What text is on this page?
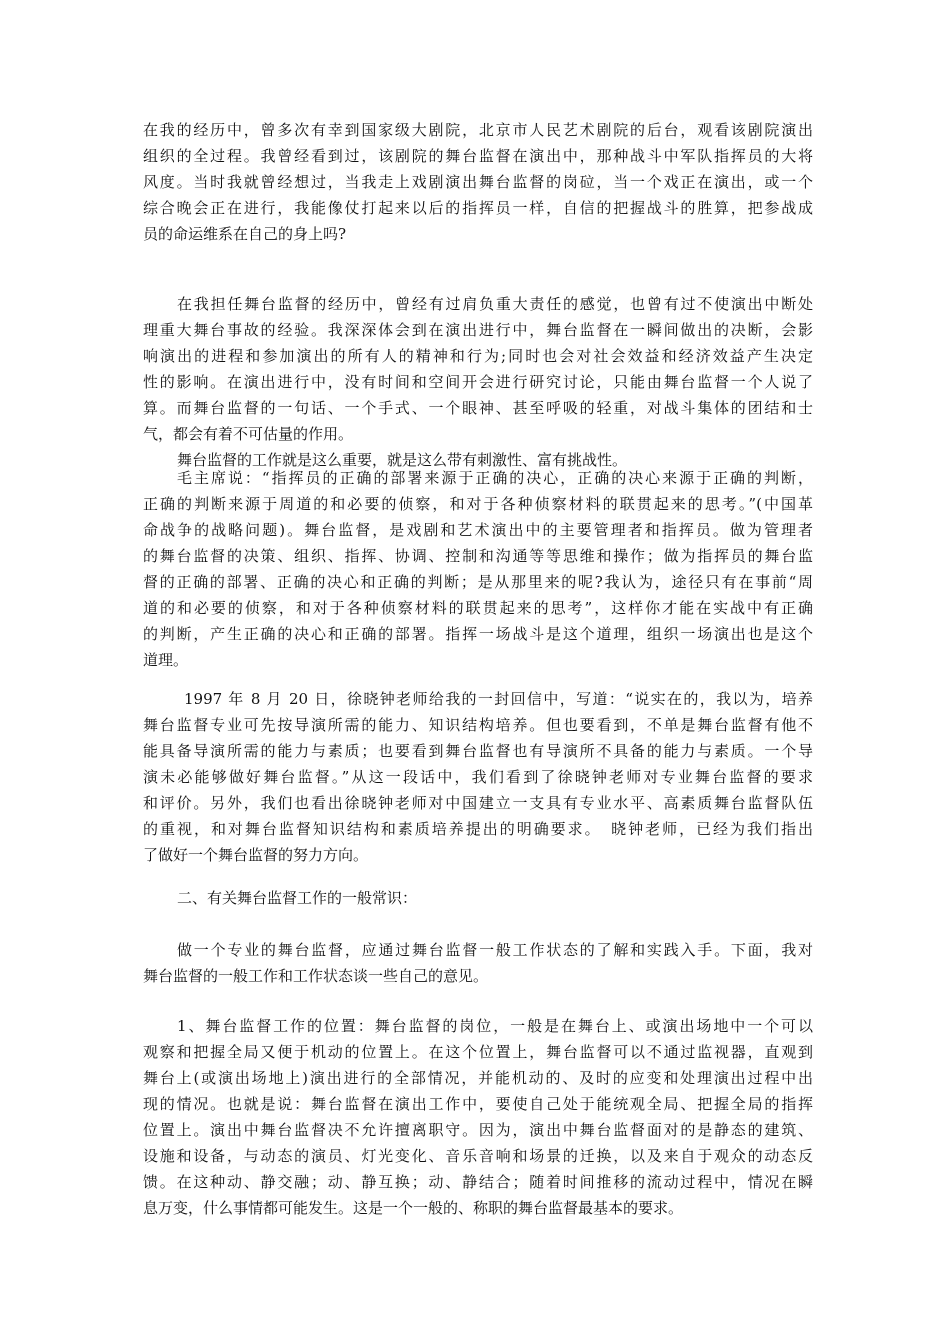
在我的经历中，曾多次有幸到国家级大剧院，北京市人民艺术剧院的后台，观看该剧院演出
组织的全过程。我曾经看到过，该剧院的舞台监督在演出中，那种战斗中军队指挥员的大将
风度。当时我就曾经想过，当我走上戏剧演出舞台监督的岗砬，当一个戏正在演出，或一个
综合晚会正在进行，我能像仗打起来以后的指挥员一样，自信的把握战斗的胜算，把参战成
员的命运维系在自己的身上吗?
在我担任舞台监督的经历中，曾经有过肩负重大责任的感觉，也曾有过不使演出中断处
理重大舞台事故的经验。我深深体会到在演出进行中，舞台监督在一瞬间做出的决断，会影
响演出的进程和参加演出的所有人的精神和行为;同时也会对社会效益和经济效益产生决定
性的影响。在演出进行中，没有时间和空间开会进行研究讨论，只能由舞台监督一个人说了
算。而舞台监督的一句话、一个手式、一个眼神、甚至呼吸的轻重，对战斗集体的团结和士
气，都会有着不可估量的作用。
舞台监督的工作就是这么重要，就是这么带有刺激性、富有挑战性。
毛主席说：“指挥员的正确的部署来源于正确的决心，正确的决心来源于正确的判断，
正确的判断来源于周道的和必要的侦察，和对于各种侦察材料的联贯起来的思考。”(中国革
命战争的战略问题)。舞台监督，是戏剧和艺术演出中的主要管理者和指挥员。做为管理者
的舞台监督的决策、组织、指挥、协调、控制和沟通等等思维和操作；做为指挥员的舞台监
督的正确的部署、正确的决心和正确的判断；是从那里来的呢?我认为，途径只有在事前“周
道的和必要的侦察，和对于各种侦察材料的联贯起来的思考”，这样你才能在实战中有正确
的判断，产生正确的决心和正确的部署。指挥一场战斗是这个道理，组织一场演出也是这个
道理。
1997 年 8 月 20 日，徐晓钟老师给我的一封回信中，写道：“说实在的，我以为，培养
舞台监督专业可先按导演所需的能力、知识结构培养。但也要看到，不单是舞台监督有他不
能具备导演所需的能力与素质；也要看到舞台监督也有导演所不具备的能力与素质。一个导
演未必能够做好舞台监督。”从这一段话中，我们看到了徐晓钟老师对专业舞台监督的要求
和评价。另外，我们也看出徐晓钟老师对中国建立一支具有专业水平、高素质舞台监督队伍
的重视，和对舞台监督知识结构和素质培养提出的明确要求。　晓钟老师，已经为我们指出
了做好一个舞台监督的努力方向。
二、有关舞台监督工作的一般常识：
做一个专业的舞台监督，应通过舞台监督一般工作状态的了解和实践入手。下面，我对
舞台监督的一般工作和工作状态谈一些自己的意见。
1、舞台监督工作的位置：舞台监督的岗位，一般是在舞台上、或演出场地中一个可以
观察和把握全局又便于机动的位置上。在这个位置上，舞台监督可以不通过监视器，直观到
舞台上(或演出场地上)演出进行的全部情况，并能机动的、及时的应变和处理演出过程中出
现的情况。也就是说：舞台监督在演出工作中，要使自己处于能统观全局、把握全局的指挥
位置上。演出中舞台监督决不允许擅离职守。因为，演出中舞台监督面对的是静态的建筑、
设施和设备，与动态的演员、灯光变化、音乐音响和场景的迁换，以及来自于观众的动态反
馈。在这种动、静交融；动、静互换；动、静结合；随着时间推移的流动过程中，情况在瞬
息万变，什么事情都可能发生。这是一个一般的、称职的舞台监督最基本的要求。
